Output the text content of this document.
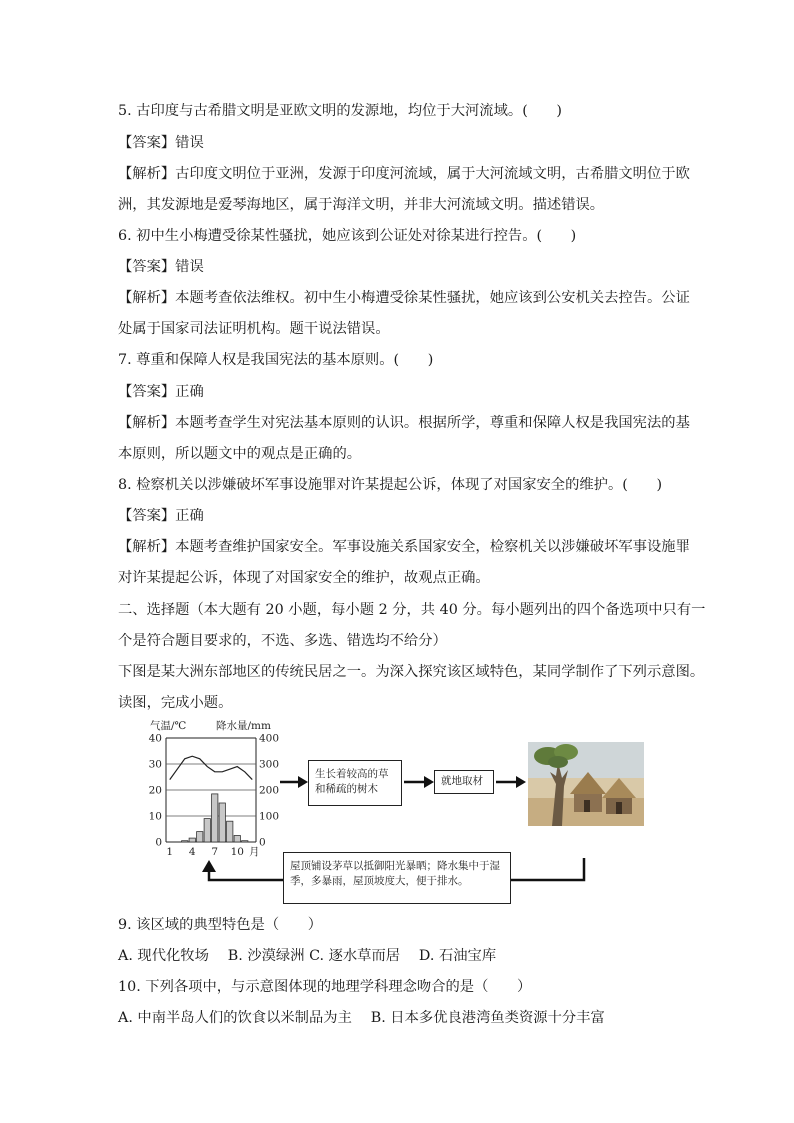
5. 古印度与古希腊文明是亚欧文明的发源地，均位于大河流域。(　　)
【答案】错误
【解析】古印度文明位于亚洲，发源于印度河流域，属于大河流域文明，古希腊文明位于欧
洲，其发源地是爱琴海地区，属于海洋文明，并非大河流域文明。描述错误。
6. 初中生小梅遭受徐某性骚扰，她应该到公证处对徐某进行控告。(　　)
【答案】错误
【解析】本题考查依法维权。初中生小梅遭受徐某性骚扰，她应该到公安机关去控告。公证
处属于国家司法证明机构。题干说法错误。
7. 尊重和保障人权是我国宪法的基本原则。(　　)
【答案】正确
【解析】本题考查学生对宪法基本原则的认识。根据所学，尊重和保障人权是我国宪法的基
本原则，所以题文中的观点是正确的。
8. 检察机关以涉嫌破坏军事设施罪对许某提起公诉，体现了对国家安全的维护。(　　)
【答案】正确
【解析】本题考查维护国家安全。军事设施关系国家安全，检察机关以涉嫌破坏军事设施罪
对许某提起公诉，体现了对国家安全的维护，故观点正确。
二、选择题（本大题有 20 小题，每小题 2 分，共 40 分。每小题列出的四个备选项中只有一
个是符合题目要求的，不选、多选、错选均不给分）
下图是某大洲东部地区的传统民居之一。为深入探究该区域特色，某同学制作了下列示意图。
读图，完成小题。
气温/℃	降水量/mm
0
10
20
30
40
0
100
200
300
400
1 4 7 10 月
生长着较高的草和稀疏的树木
就地取材
屋顶铺设茅草以抵御阳光暴晒；降水集中于湿季，多暴雨，屋顶坡度大，便于排水。
9. 该区域的典型特色是（　　）
A. 现代化牧场　 B. 沙漠绿洲 C. 逐水草而居　 D. 石油宝库
10. 下列各项中，与示意图体现的地理学科理念吻合的是（　　）
A. 中南半岛人们的饮食以米制品为主　 B. 日本多优良港湾鱼类资源十分丰富
